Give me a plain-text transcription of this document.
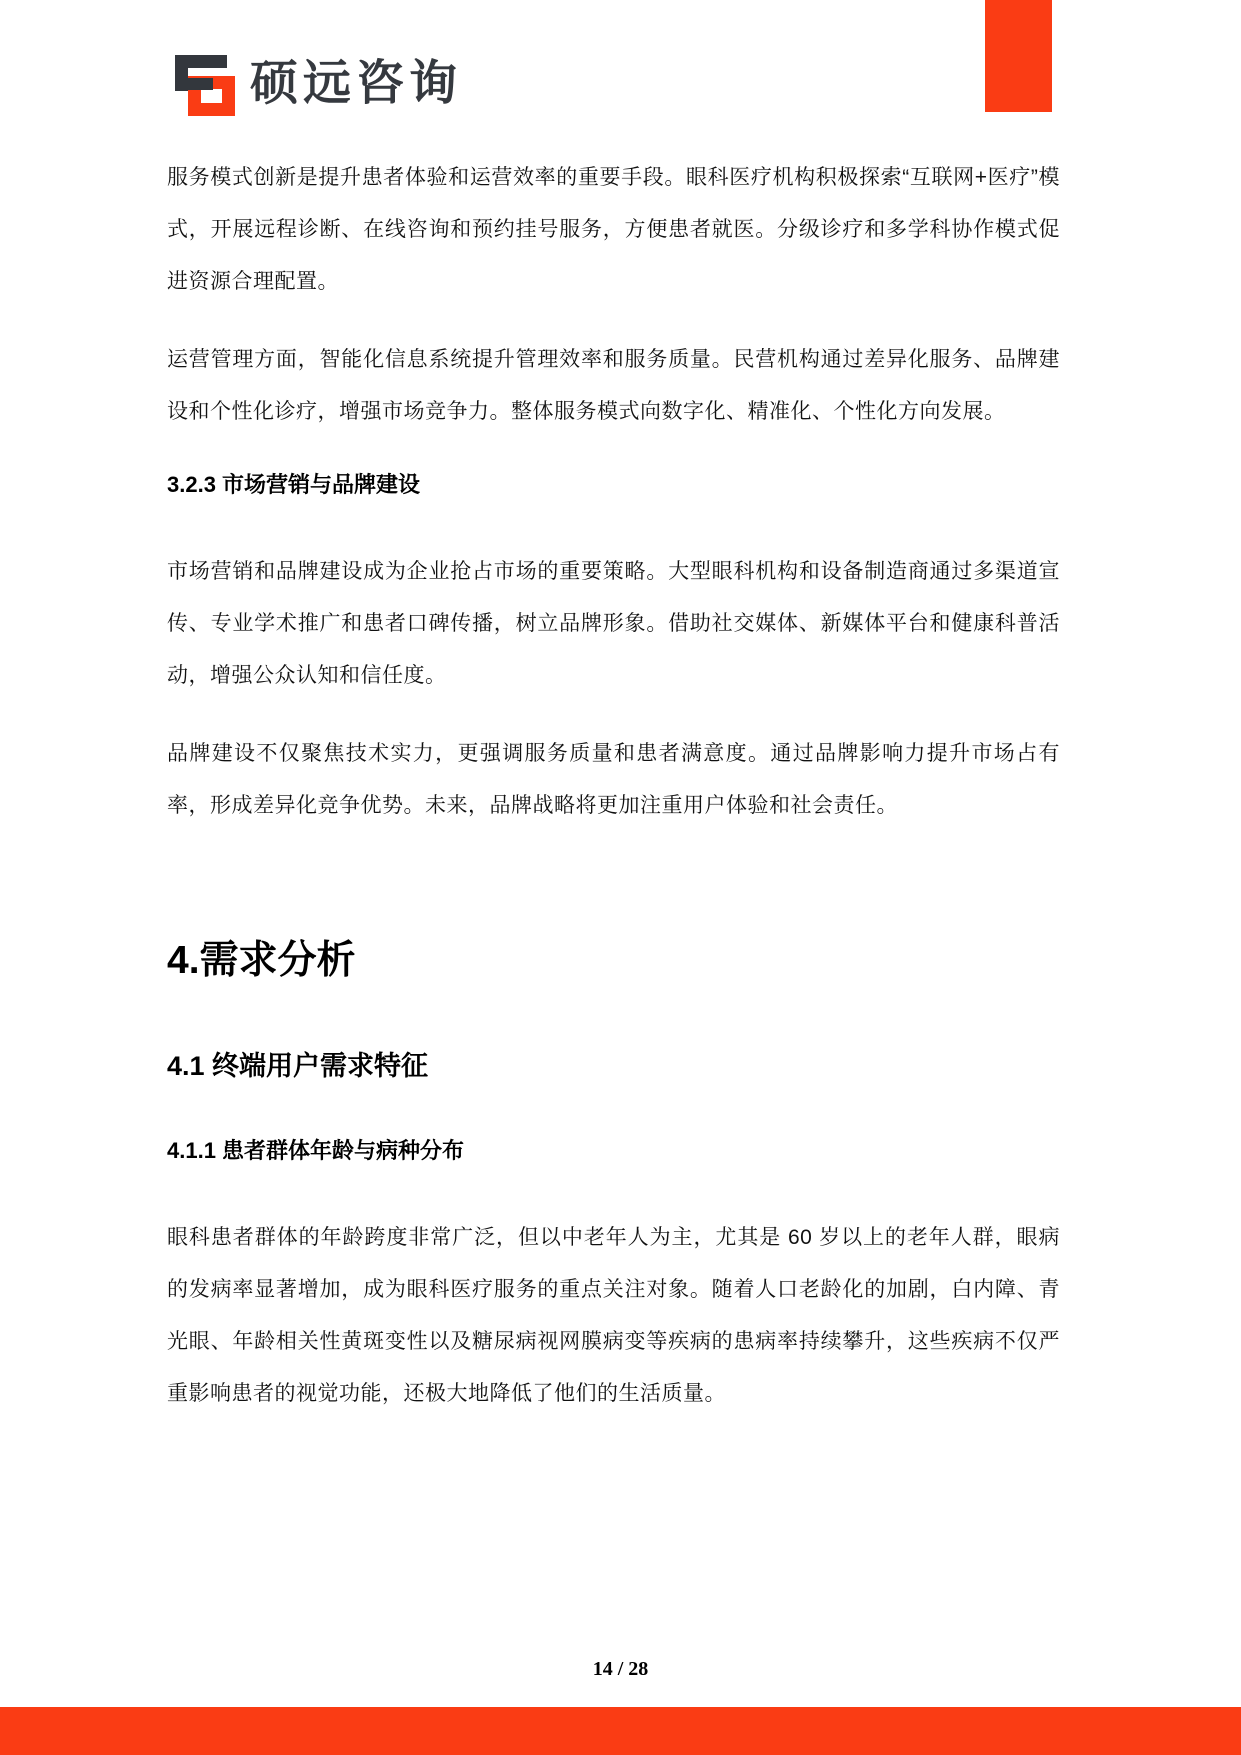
硕远咨询

服务模式创新是提升患者体验和运营效率的重要手段。眼科医疗机构积极探索“互联网+医疗”模式，开展远程诊断、在线咨询和预约挂号服务，方便患者就医。分级诊疗和多学科协作模式促进资源合理配置。

运营管理方面，智能化信息系统提升管理效率和服务质量。民营机构通过差异化服务、品牌建设和个性化诊疗，增强市场竞争力。整体服务模式向数字化、精准化、个性化方向发展。

3.2.3 市场营销与品牌建设

市场营销和品牌建设成为企业抢占市场的重要策略。大型眼科机构和设备制造商通过多渠道宣传、专业学术推广和患者口碑传播，树立品牌形象。借助社交媒体、新媒体平台和健康科普活动，增强公众认知和信任度。

品牌建设不仅聚焦技术实力，更强调服务质量和患者满意度。通过品牌影响力提升市场占有率，形成差异化竞争优势。未来，品牌战略将更加注重用户体验和社会责任。

4.需求分析
4.1 终端用户需求特征
4.1.1 患者群体年龄与病种分布

眼科患者群体的年龄跨度非常广泛，但以中老年人为主，尤其是 60 岁以上的老年人群，眼病的发病率显著增加，成为眼科医疗服务的重点关注对象。随着人口老龄化的加剧，白内障、青光眼、年龄相关性黄斑变性以及糖尿病视网膜病变等疾病的患病率持续攀升，这些疾病不仅严重影响患者的视觉功能，还极大地降低了他们的生活质量。

14 / 28
